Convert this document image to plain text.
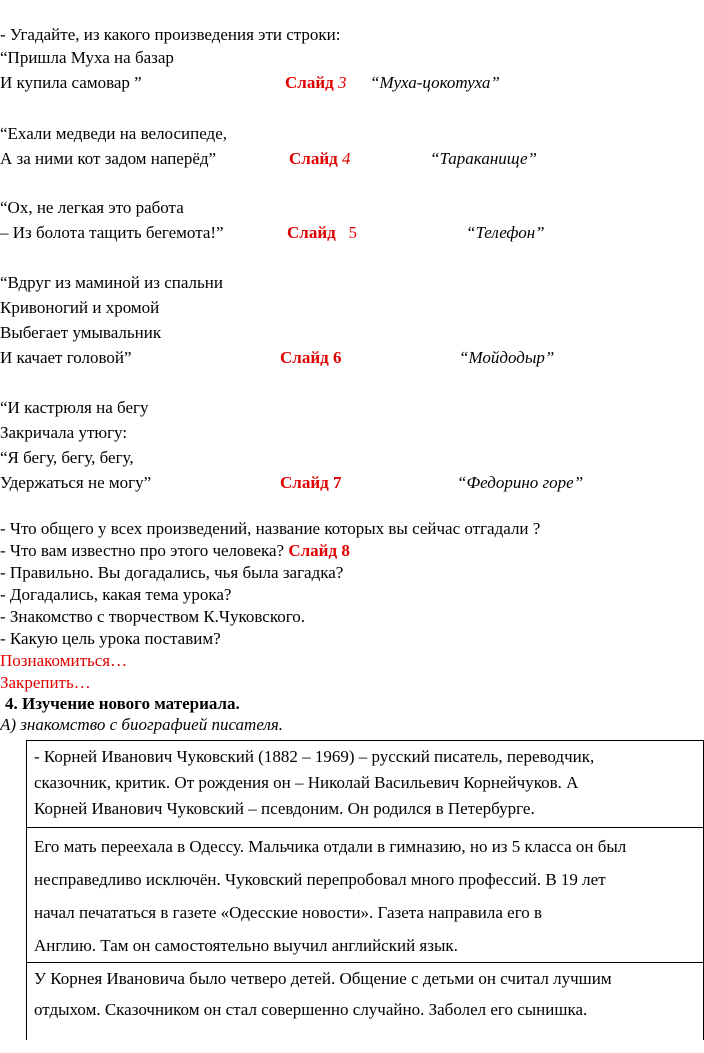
- Угадайте, из какого произведения эти строки:
“Пришла Муха на базар
И купила самовар ”	Слайд 3 “Муха-цокотуха”
“Ехали медведи на велосипеде,
А за ними кот задом наперёд”	Слайд 4	“Тараканище”
“Ох, не легкая это работа
– Из болота тащить бегемота!”	Слайд 5	“Телефон”
“Вдруг из маминой из спальни
Кривоногий и хромой
Выбегает умывальник
И качает головой”	Слайд 6	“Мойдодыр”
“И кастрюля на бегу
Закричала утюгу:
“Я бегу, бегу, бегу,
Удержаться не могу”	Слайд 7	“Федорино горе”
- Что общего у всех произведений, название которых вы сейчас отгадали ?
- Что вам известно про этого человека? Слайд 8
- Правильно. Вы догадались, чья была загадка?
- Догадались, какая тема урока?
- Знакомство с творчеством К.Чуковского.
- Какую цель урока поставим?
Познакомиться…
Закрепить…
4. Изучение нового материала.
А) знакомство с биографией писателя.
- Корней Иванович Чуковский (1882 – 1969) – русский писатель, переводчик,
сказочник, критик. От рождения он – Николай Васильевич Корнейчуков. А
Корней Иванович Чуковский – псевдоним. Он родился в Петербурге.
Его мать переехала в Одессу. Мальчика отдали в гимназию, но из 5 класса он был
несправедливо исключён. Чуковский перепробовал много профессий. В 19 лет
начал печататься в газете «Одесские новости». Газета направила его в
Англию. Там он самостоятельно выучил английский язык.
У Корнея Ивановича было четверо детей. Общение с детьми он считал лучшим
отдыхом. Сказочником он стал совершенно случайно. Заболел его сынишка.
